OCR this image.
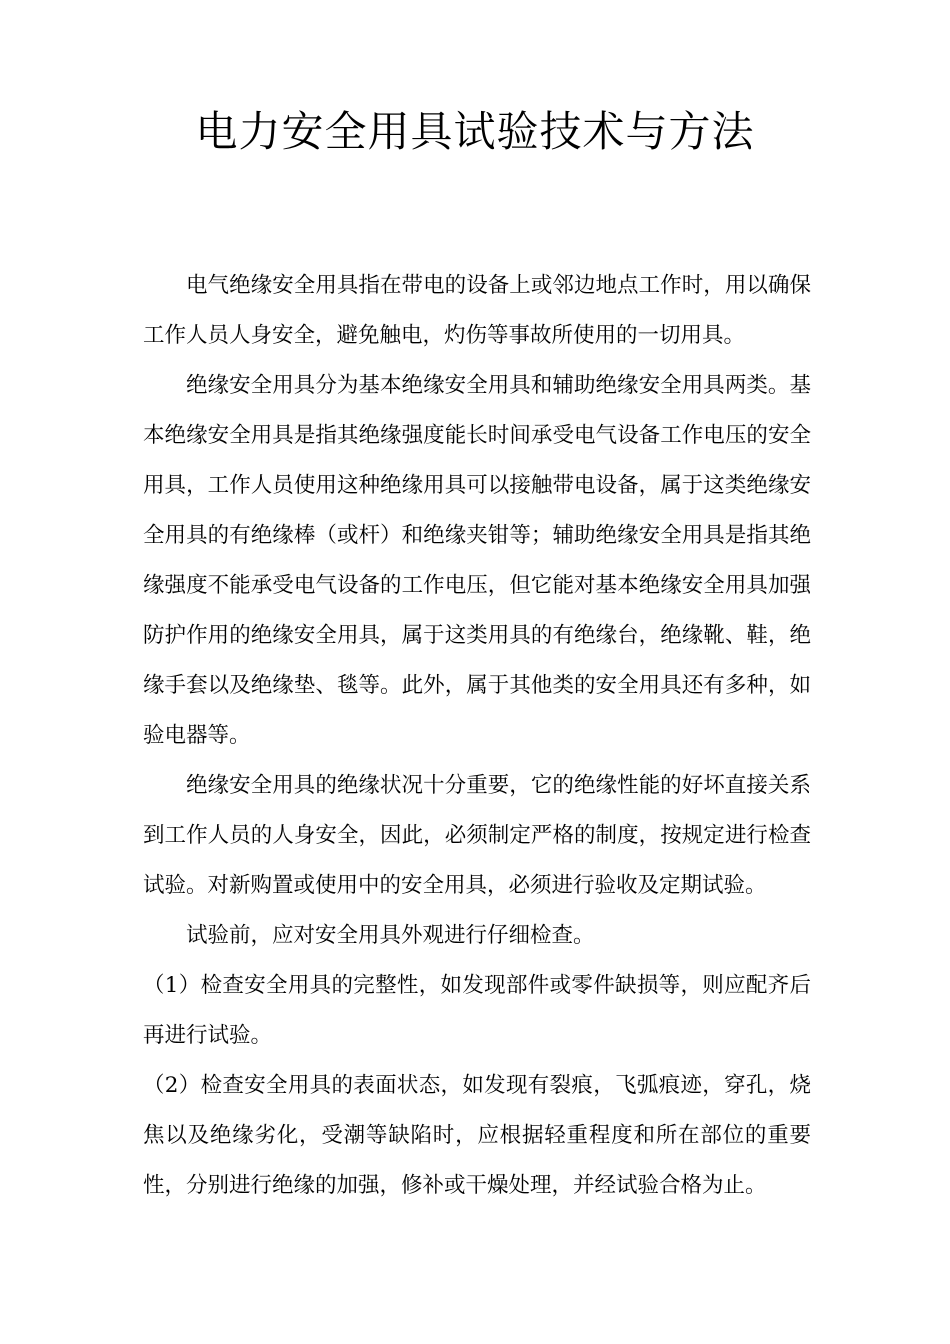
电力安全用具试验技术与方法

电气绝缘安全用具指在带电的设备上或邻边地点工作时，用以确保工作人员人身安全，避免触电，灼伤等事故所使用的一切用具。

绝缘安全用具分为基本绝缘安全用具和辅助绝缘安全用具两类。基本绝缘安全用具是指其绝缘强度能长时间承受电气设备工作电压的安全用具，工作人员使用这种绝缘用具可以接触带电设备，属于这类绝缘安全用具的有绝缘棒（或杆）和绝缘夹钳等；辅助绝缘安全用具是指其绝缘强度不能承受电气设备的工作电压，但它能对基本绝缘安全用具加强防护作用的绝缘安全用具，属于这类用具的有绝缘台，绝缘靴、鞋，绝缘手套以及绝缘垫、毯等。此外，属于其他类的安全用具还有多种，如验电器等。

绝缘安全用具的绝缘状况十分重要，它的绝缘性能的好坏直接关系到工作人员的人身安全，因此，必须制定严格的制度，按规定进行检查试验。对新购置或使用中的安全用具，必须进行验收及定期试验。

试验前，应对安全用具外观进行仔细检查。

（1）检查安全用具的完整性，如发现部件或零件缺损等，则应配齐后再进行试验。

（2）检查安全用具的表面状态，如发现有裂痕，飞弧痕迹，穿孔，烧焦以及绝缘劣化，受潮等缺陷时，应根据轻重程度和所在部位的重要性，分别进行绝缘的加强，修补或干燥处理，并经试验合格为止。
